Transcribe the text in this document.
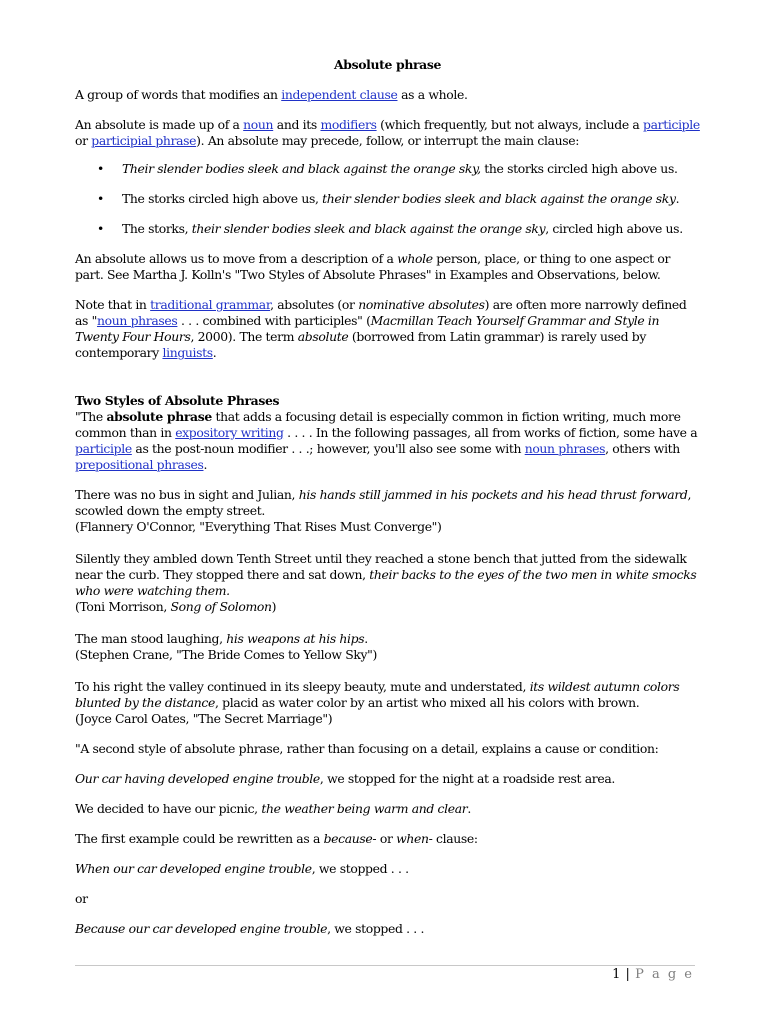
Absolute phrase

A group of words that modifies an independent clause as a whole.

An absolute is made up of a noun and its modifiers (which frequently, but not always, include a participle or participial phrase). An absolute may precede, follow, or interrupt the main clause:

• Their slender bodies sleek and black against the orange sky, the storks circled high above us.
• The storks circled high above us, their slender bodies sleek and black against the orange sky.
• The storks, their slender bodies sleek and black against the orange sky, circled high above us.

An absolute allows us to move from a description of a whole person, place, or thing to one aspect or part. See Martha J. Kolln's "Two Styles of Absolute Phrases" in Examples and Observations, below.

Note that in traditional grammar, absolutes (or nominative absolutes) are often more narrowly defined as "noun phrases . . . combined with participles" (Macmillan Teach Yourself Grammar and Style in Twenty Four Hours, 2000). The term absolute (borrowed from Latin grammar) is rarely used by contemporary linguists.

Two Styles of Absolute Phrases

"The absolute phrase that adds a focusing detail is especially common in fiction writing, much more common than in expository writing . . . . In the following passages, all from works of fiction, some have a participle as the post-noun modifier . . .; however, you'll also see some with noun phrases, others with prepositional phrases.

There was no bus in sight and Julian, his hands still jammed in his pockets and his head thrust forward, scowled down the empty street.

(Flannery O'Connor, "Everything That Rises Must Converge")

Silently they ambled down Tenth Street until they reached a stone bench that jutted from the sidewalk near the curb. They stopped there and sat down, their backs to the eyes of the two men in white smocks who were watching them.

(Toni Morrison, Song of Solomon)

The man stood laughing, his weapons at his hips.

(Stephen Crane, "The Bride Comes to Yellow Sky")

To his right the valley continued in its sleepy beauty, mute and understated, its wildest autumn colors blunted by the distance, placid as water color by an artist who mixed all his colors with brown.

(Joyce Carol Oates, "The Secret Marriage")

"A second style of absolute phrase, rather than focusing on a detail, explains a cause or condition:

Our car having developed engine trouble, we stopped for the night at a roadside rest area.

We decided to have our picnic, the weather being warm and clear.

The first example could be rewritten as a because- or when- clause:

When our car developed engine trouble, we stopped . . .

or

Because our car developed engine trouble, we stopped . . .

1 | P a g e
